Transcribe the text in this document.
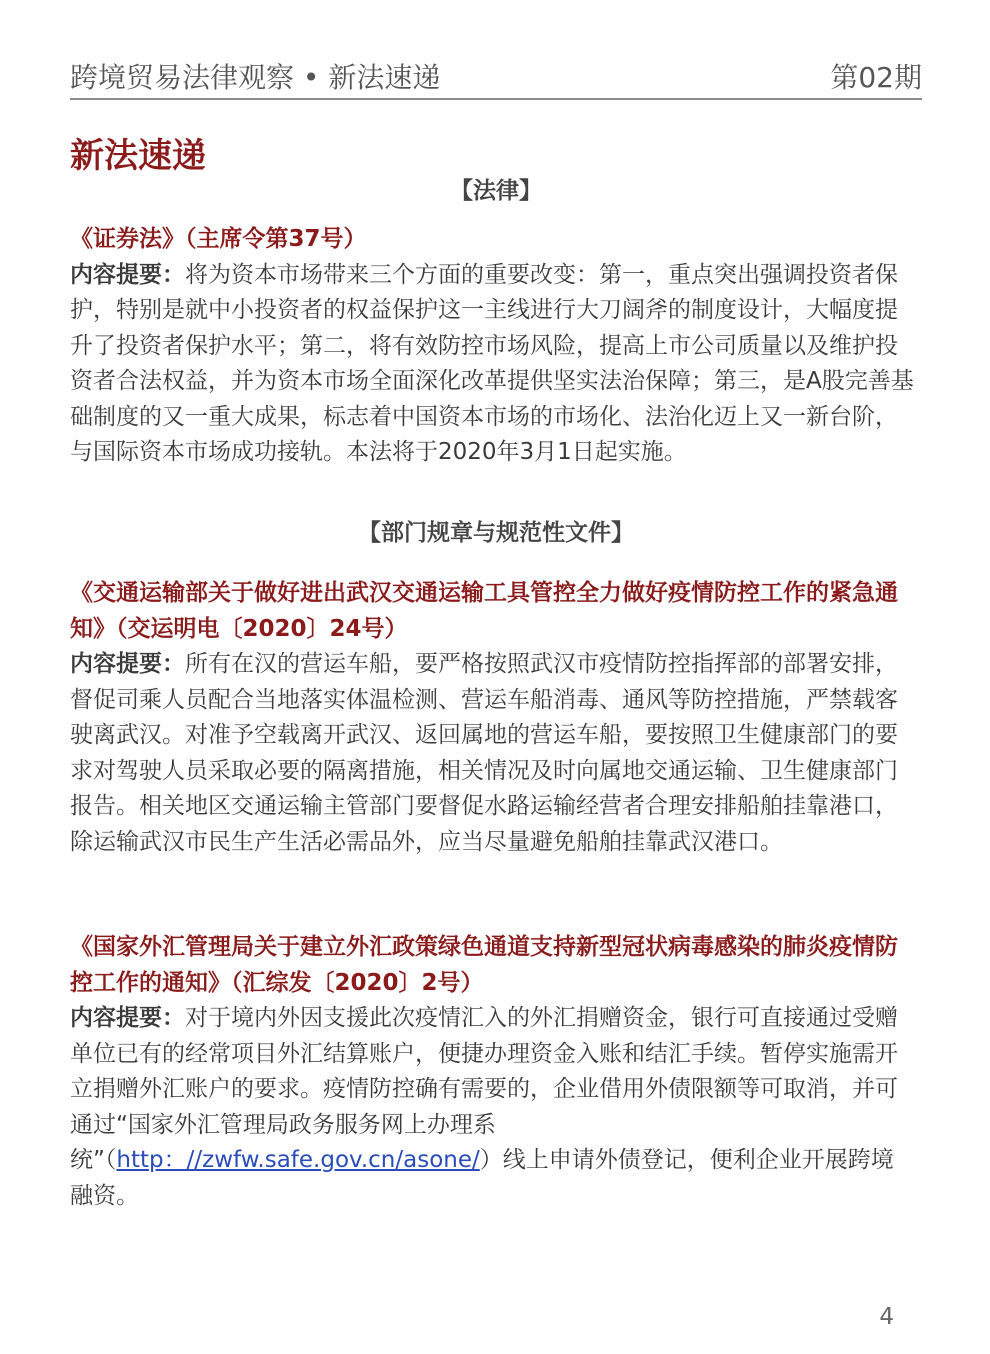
跨境贸易法律观察 • 新法速递	第02期
新法速递
【法律】
《证券法》（主席令第37号）
内容提要：将为资本市场带来三个方面的重要改变：第一，重点突出强调投资者保护，特别是就中小投资者的权益保护这一主线进行大刀阔斧的制度设计，大幅度提升了投资者保护水平；第二，将有效防控市场风险，提高上市公司质量以及维护投资者合法权益，并为资本市场全面深化改革提供坚实法治保障；第三，是A股完善基础制度的又一重大成果，标志着中国资本市场的市场化、法治化迈上又一新台阶，与国际资本市场成功接轨。本法将于2020年3月1日起实施。
【部门规章与规范性文件】
《交通运输部关于做好进出武汉交通运输工具管控全力做好疫情防控工作的紧急通知》（交运明电〔2020〕24号）
内容提要：所有在汉的营运车船，要严格按照武汉市疫情防控指挥部的部署安排，督促司乘人员配合当地落实体温检测、营运车船消毒、通风等防控措施，严禁载客驶离武汉。对准予空载离开武汉、返回属地的营运车船，要按照卫生健康部门的要求对驾驶人员采取必要的隔离措施，相关情况及时向属地交通运输、卫生健康部门报告。相关地区交通运输主管部门要督促水路运输经营者合理安排船舶挂靠港口，除运输武汉市民生产生活必需品外，应当尽量避免船舶挂靠武汉港口。
《国家外汇管理局关于建立外汇政策绿色通道支持新型冠状病毒感染的肺炎疫情防控工作的通知》（汇综发〔2020〕2号）
内容提要：对于境内外因支援此次疫情汇入的外汇捐赠资金，银行可直接通过受赠单位已有的经常项目外汇结算账户，便捷办理资金入账和结汇手续。暂停实施需开立捐赠外汇账户的要求。疫情防控确有需要的，企业借用外债限额等可取消，并可通过“国家外汇管理局政务服务网上办理系统”（http：//zwfw.safe.gov.cn/asone/）线上申请外债登记，便利企业开展跨境融资。
4
